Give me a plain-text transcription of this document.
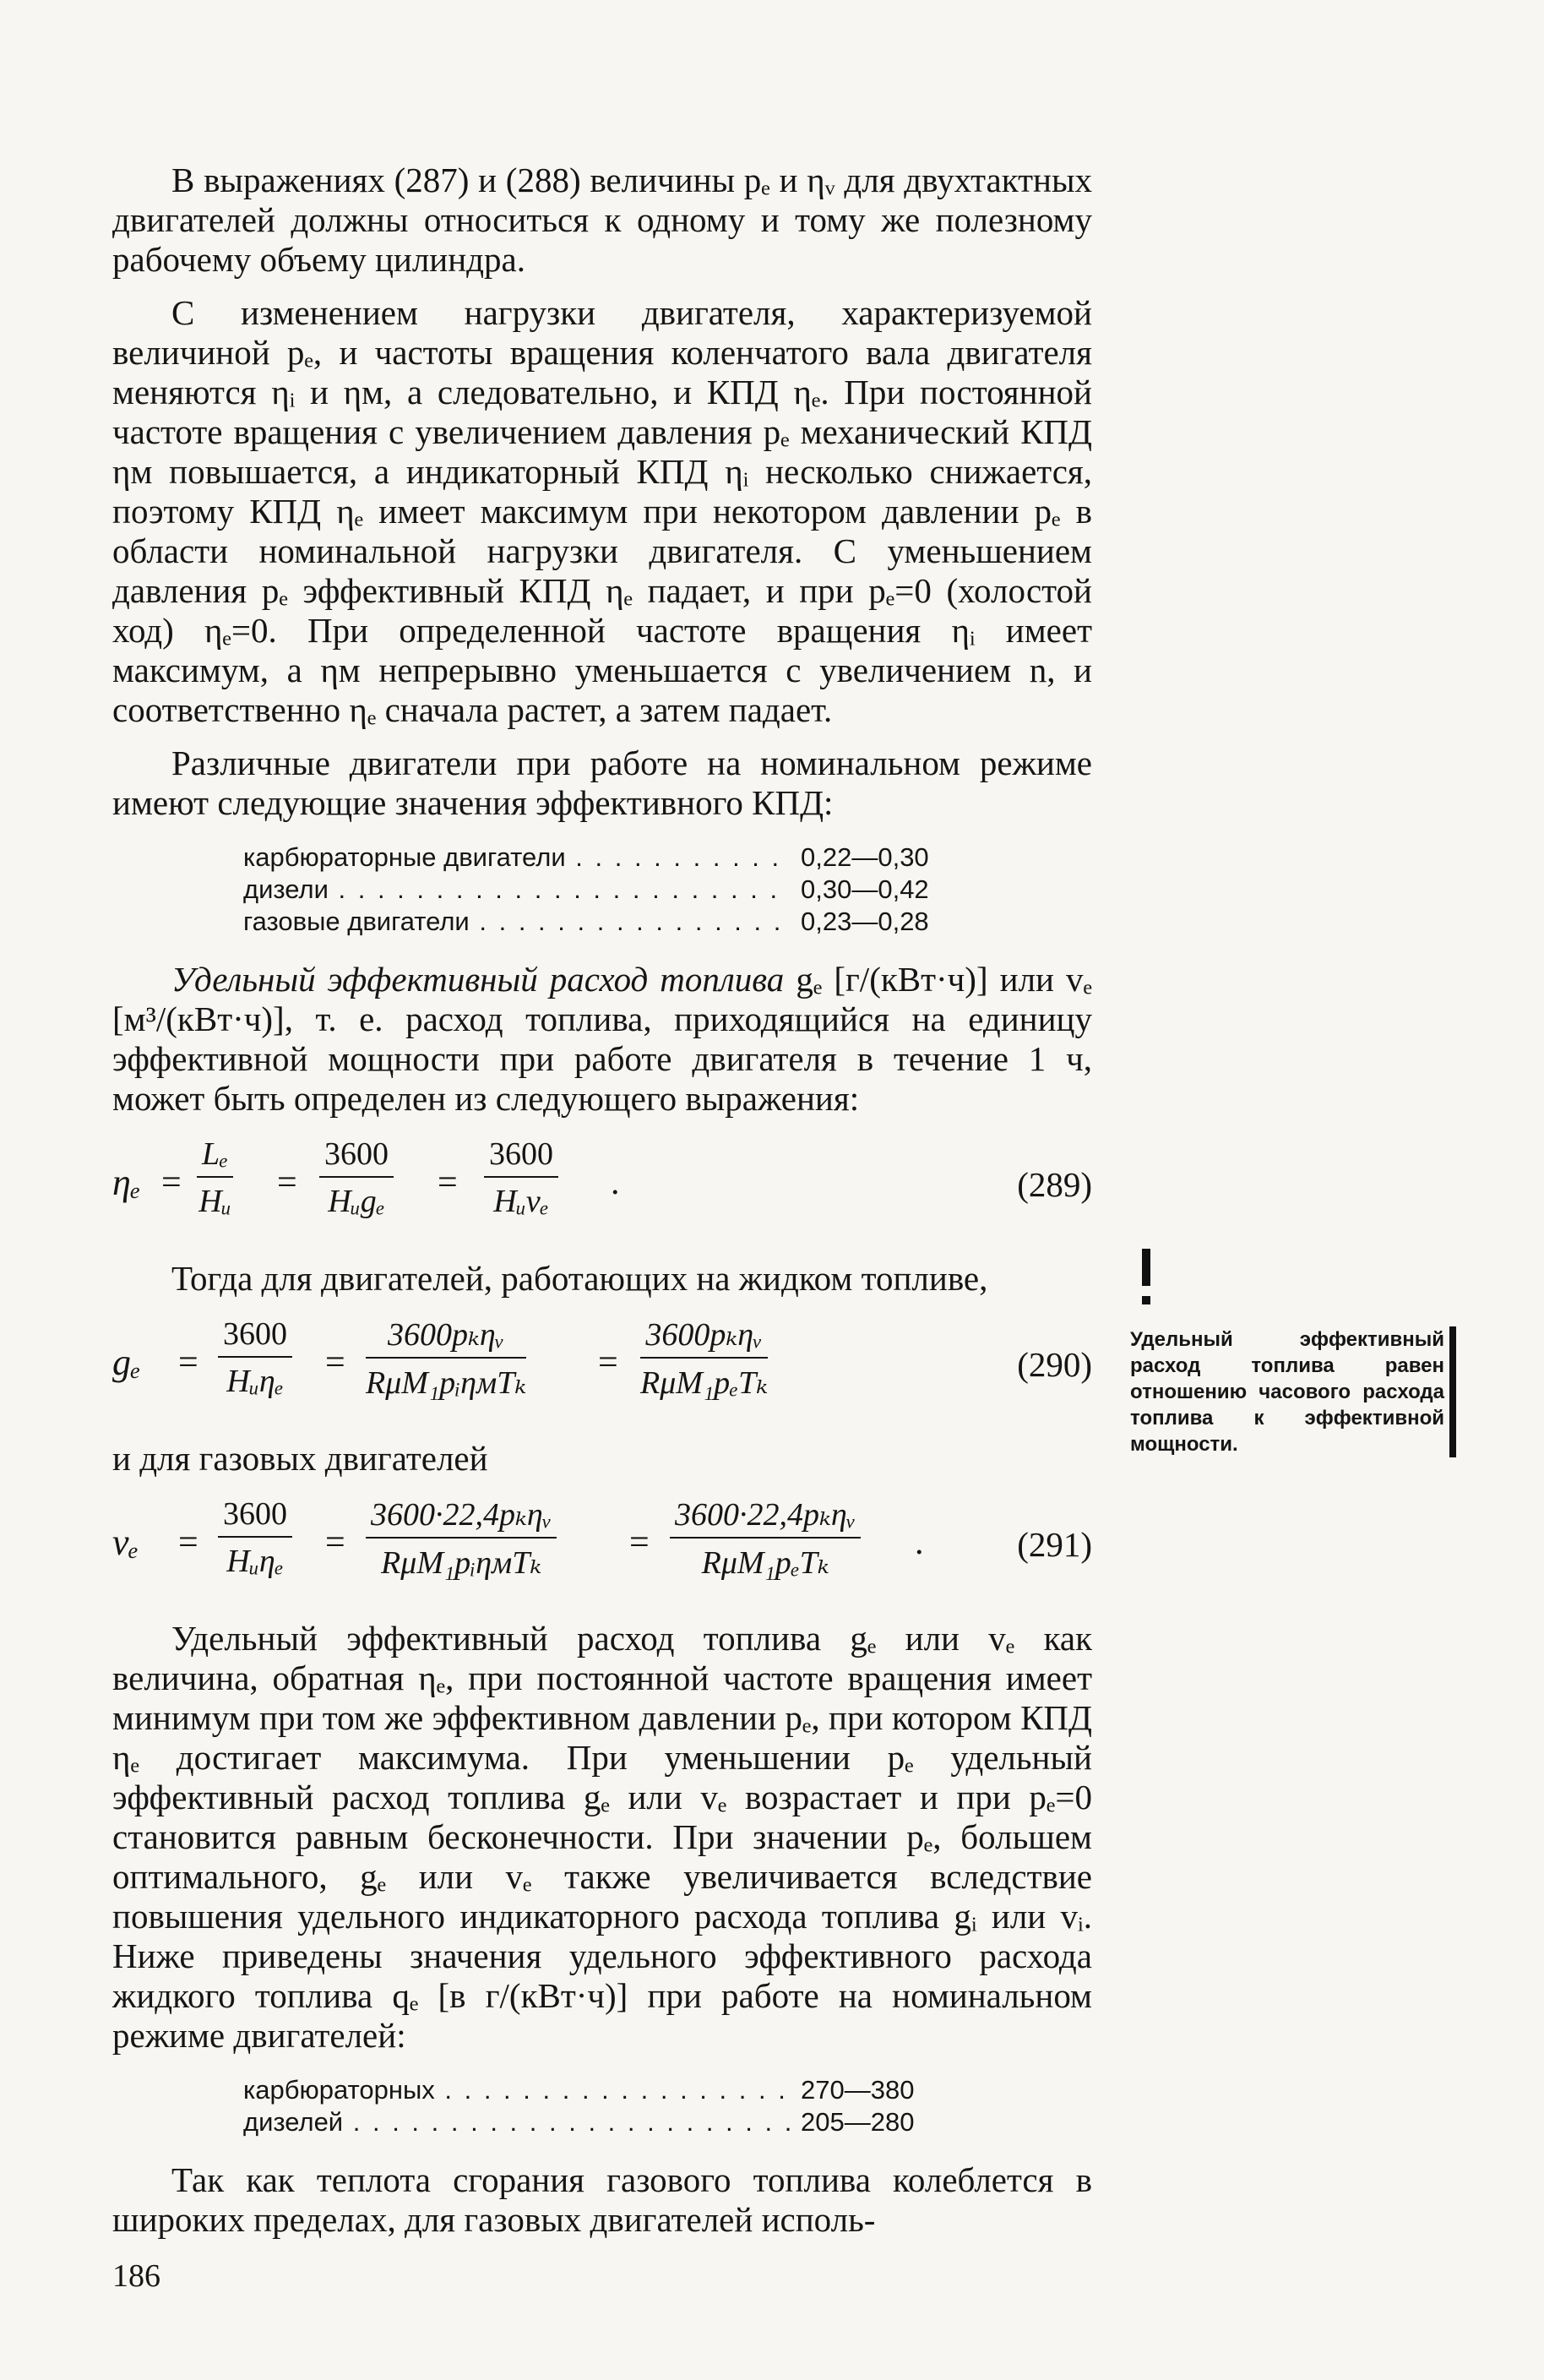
В выражениях (287) и (288) величины pₑ и ηᵥ для двухтактных двигателей должны относиться к одному и тому же полезному рабочему объему цилиндра.

С изменением нагрузки двигателя, характеризуемой величиной pₑ, и частоты вращения коленчатого вала двигателя меняются ηᵢ и ηм, а следовательно, и КПД ηₑ. При постоянной частоте вращения с увеличением давления pₑ механический КПД ηм повышается, а индикаторный КПД ηᵢ несколько снижается, поэтому КПД ηₑ имеет максимум при некотором давлении pₑ в области номинальной нагрузки двигателя. С уменьшением давления pₑ эффективный КПД ηₑ падает, и при pₑ=0 (холостой ход) ηₑ=0. При определенной частоте вращения ηᵢ имеет максимум, а ηм непрерывно уменьшается с увеличением n, и соответственно ηₑ сначала растет, а затем падает.

Различные двигатели при работе на номинальном режиме имеют следующие значения эффективного КПД:

карбюраторные двигатели . . .	0,22—0,30
дизели . . .	0,30—0,42
газовые двигатели . . .	0,23—0,28

Удельный эффективный расход топлива gₑ [г/(кВт·ч)] или vₑ [м³/(кВт·ч)], т. е. расход топлива, приходящийся на единицу эффективной мощности при работе двигателя в течение 1 ч, может быть определен из следующего выражения:

$\eta_e = \frac{\text{Lₑ}}{\text{Hᵤ}}$ =
3600
Hᵤgₑ =
3600
Hᵤvₑ .	(289)

Тогда для двигателей, работающих на жидком топливе,

gₑ =
3600
Hᵤηₑ =
3600pₖηᵥ
RμM₁pᵢηмTₖ
=
3600pₖηᵥ
RμM₁pₑTₖ	(290)

и для газовых двигателей

vₑ =
3600
Hᵤηₑ =
3600·22,4pₖηᵥ
RμM₁pᵢηмTₖ
=
3600·22,4pₖηᵥ
RμM₁pₑTₖ
.	(291)

Удельный эффективный расход топлива gₑ или vₑ как величина, обратная ηₑ, при постоянной частоте вращения имеет минимум при том же эффективном давлении pₑ, при котором КПД ηₑ достигает максимума. При уменьшении pₑ удельный эффективный расход топлива gₑ или vₑ возрастает и при pₑ=0 становится равным бесконечности. При значении pₑ, большем оптимального, gₑ или vₑ также увеличивается вследствие повышения удельного индикаторного расхода топлива gᵢ или vᵢ. Ниже приведены значения удельного эффективного расхода жидкого топлива qₑ [в г/(кВт·ч)] при работе на номинальном режиме двигателей:

карбюраторных . . .	270—380
дизелей . . .	205—280

Так как теплота сгорания газового топлива колеблется в широких пределах, для газовых двигателей исполь-

Удельный эффективный расход топлива равен отношению часового расхода топлива к эффективной мощности.
186
